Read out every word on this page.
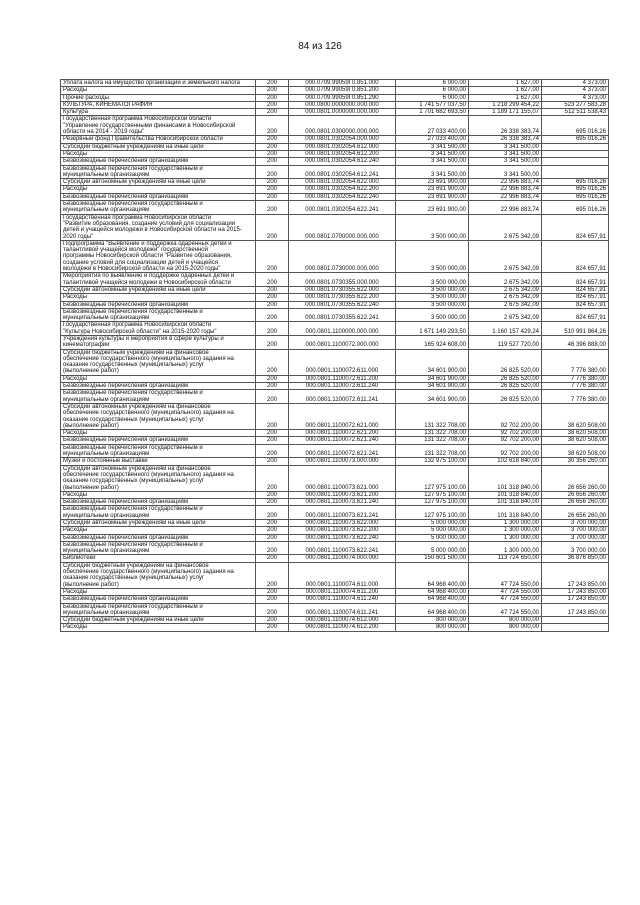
84 из 126
Уплата налога на имущество организаций и земельного налога	200	000.0709.99059Г0.851.000	6 000,00	1 627,00	4 373,00
Расходы	200	000.0709.99059Г0.851.200	6 000,00	1 627,00	4 373,00
Прочие расходы	200	000.0709.99059Г0.851.290	6 000,00	1 627,00	4 373,00
КУЛЬТУРА, КИНЕМАТОГРАФИЯ	200	000.0800.0000000.000.000	1 741 577 037,50	1 218 299 454,22	523 277 583,28
Культура	200	000.0801.0000000.000.000	1 701 682 693,50	1 189 171 155,07	512 511 538,43
Государственная программа Новосибирской области
"Управление государственными финансами в Новосибирской
области на 2014 - 2019 годы"	200	000.0801.0300000.000.000	27 033 400,00	26 338 383,74	695 016,26
Резервный фонд Правительства Новосибирской области	200	000.0801.0302054.000.000	27 033 400,00	26 338 383,74	695 016,26
Субсидии бюджетным учреждениям на иные цели	200	000.0801.0302054.612.000	3 341 500,00	3 341 500,00	
Расходы	200	000.0801.0302054.612.200	3 341 500,00	3 341 500,00	
Безвозмездные перечисления организациям	200	000.0801.0302054.612.240	3 341 500,00	3 341 500,00	
Безвозмездные перечисления государственным и
муниципальным организациям	200	000.0801.0302054.612.241	3 341 500,00	3 341 500,00	
Субсидии автономным учреждениям на иные цели	200	000.0801.0302054.622.000	23 691 900,00	22 996 883,74	695 016,26
Расходы	200	000.0801.0302054.622.200	23 691 900,00	22 996 883,74	695 016,26
Безвозмездные перечисления организациям	200	000.0801.0302054.622.240	23 691 900,00	22 996 883,74	695 016,26
Безвозмездные перечисления государственным и
муниципальным организациям	200	000.0801.0302054.622.241	23 691 900,00	22 996 883,74	695 016,26
Государственная программа Новосибирской области
"Развитие образования, создание условий для социализации
детей и учащейся молодежи в Новосибирской области на 2015-
2020 годы"	200	000.0801.0700000.000.000	3 500 000,00	2 675 342,09	824 657,91
Подпрограмма "Выявление и поддержка одаренных детей и
талантливой учащейся молодежи" государственной
программы Новосибирской области "Развитие образования,
создание условий для социализации детей и учащейся
молодежи в Новосибирской области на 2015-2020 годы"	200	000.0801.0730000.000.000	3 500 000,00	2 675 342,09	824 657,91
Мероприятия по выявлению и поддержке одаренных детей и
талантливой учащейся молодежи в Новосибирской области	200	000.0801.0730355.000.000	3 500 000,00	2 675 342,09	824 657,91
Субсидии автономным учреждениям на иные цели	200	000.0801.0730355.622.000	3 500 000,00	2 675 342,09	824 657,91
Расходы	200	000.0801.0730355.622.200	3 500 000,00	2 675 342,09	824 657,91
Безвозмездные перечисления организациям	200	000.0801.0730355.622.240	3 500 000,00	2 675 342,09	824 657,91
Безвозмездные перечисления государственным и
муниципальным организациям	200	000.0801.0730355.622.241	3 500 000,00	2 675 342,09	824 657,91
Государственная программа Новосибирской области
"Культура Новосибирской области" на 2015-2020 годы"	200	000.0801.1100000.000.000	1 671 149 293,50	1 160 157 429,24	510 991 864,26
Учреждения культуры и мероприятия в сфере культуры и
кинематографии	200	000.0801.1100072.000.000	165 924 608,00	119 527 720,00	46 396 888,00
Субсидии бюджетным учреждениям на финансовое
обеспечение государственного (муниципального) задания на
оказание государственных (муниципальных) услуг
(выполнение работ)	200	000.0801.1100072.611.000	34 601 900,00	26 825 520,00	7 776 380,00
Расходы	200	000.0801.1100072.611.200	34 601 900,00	26 825 520,00	7 776 380,00
Безвозмездные перечисления организациям	200	000.0801.1100072.611.240	34 601 900,00	26 825 520,00	7 776 380,00
Безвозмездные перечисления государственным и
муниципальным организациям	200	000.0801.1100072.611.241	34 601 900,00	26 825 520,00	7 776 380,00
Субсидии автономным учреждениям на финансовое
обеспечение государственного (муниципального) задания на
оказание государственных (муниципальных) услуг
(выполнение работ)	200	000.0801.1100072.621.000	131 322 708,00	92 702 200,00	38 620 508,00
Расходы	200	000.0801.1100072.621.200	131 322 708,00	92 702 200,00	38 620 508,00
Безвозмездные перечисления организациям	200	000.0801.1100072.621.240	131 322 708,00	92 702 200,00	38 620 508,00
Безвозмездные перечисления государственным и
муниципальным организациям	200	000.0801.1100072.621.241	131 322 708,00	92 702 200,00	38 620 508,00
Музеи и постоянные выставки	200	000.0801.1100073.000.000	132 975 100,00	102 618 840,00	30 356 260,00
Субсидии автономным учреждениям на финансовое
обеспечение государственного (муниципального) задания на
оказание государственных (муниципальных) услуг
(выполнение работ)	200	000.0801.1100073.621.000	127 975 100,00	101 318 840,00	26 656 260,00
Расходы	200	000.0801.1100073.621.200	127 975 100,00	101 318 840,00	26 656 260,00
Безвозмездные перечисления организациям	200	000.0801.1100073.621.240	127 975 100,00	101 318 840,00	26 656 260,00
Безвозмездные перечисления государственным и
муниципальным организациям	200	000.0801.1100073.621.241	127 975 100,00	101 318 840,00	26 656 260,00
Субсидии автономным учреждениям на иные цели	200	000.0801.1100073.622.000	5 000 000,00	1 300 000,00	3 700 000,00
Расходы	200	000.0801.1100073.622.200	5 000 000,00	1 300 000,00	3 700 000,00
Безвозмездные перечисления организациям	200	000.0801.1100073.622.240	5 000 000,00	1 300 000,00	3 700 000,00
Безвозмездные перечисления государственным и
муниципальным организациям	200	000.0801.1100073.622.241	5 000 000,00	1 300 000,00	3 700 000,00
Библиотеки	200	000.0801.1100074.000.000	150 601 500,00	113 724 650,00	36 876 850,00
Субсидии бюджетным учреждениям на финансовое
обеспечение государственного (муниципального) задания на
оказание государственных (муниципальных) услуг
(выполнение работ)	200	000.0801.1100074.611.000	64 968 400,00	47 724 550,00	17 243 850,00
Расходы	200	000.0801.1100074.611.200	64 968 400,00	47 724 550,00	17 243 850,00
Безвозмездные перечисления организациям	200	000.0801.1100074.611.240	64 968 400,00	47 724 550,00	17 243 850,00
Безвозмездные перечисления государственным и
муниципальным организациям	200	000.0801.1100074.611.241	64 968 400,00	47 724 550,00	17 243 850,00
Субсидии бюджетным учреждениям на иные цели	200	000.0801.1100074.612.000	800 000,00	800 000,00	
Расходы	200	000.0801.1100074.612.200	800 000,00	800 000,00	
